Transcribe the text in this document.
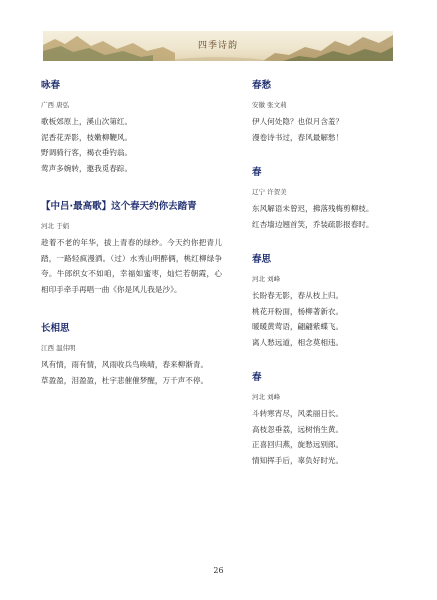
四季诗韵
咏春
广西 唐弘
歌板郊原上，溪山次第红。
泥香花弄影，枝嫩柳鞭风。
野调骑行客，褐衣垂钓翁。
莺声多婉转，邀我觅春踪。
【中吕·最高歌】这个春天约你去踏青
河北 于娟
趁着不老的年华，拔上青春的绿纱。今天约你把青儿踏，一路轻疯漫洒。（过）水秀山明醉俩，桃红柳绿争夸。牛郎织女不如咱，幸福如蜜枣，灿烂若朝霞，心相印手牵手再唱一曲《你是风儿我是沙》。
长相思
江西 温伟明
风有情，雨有情，风雨收兵鸟唤晴，春来柳渐青。
草盈盈，泪盈盈，杜宇悲催催梦醒，万千声不停。
春愁
安徽 张文莉
伊人何处隐？也似月含羞？
漫卷诗书过，春风最解愁！
春
辽宁 许贺美
东风解语未曾迟，拂落残梅剪柳枝。
红杏墙边翘首笑，乔装疏影报春时。
春思
河北 刘峰
长盼春无影，春从枝上归。
桃花开粉面，杨柳著新衣。
暖暖黄莺语，翩翩紫蝶飞。
离人愁远道，相念莫相违。
春
河北 刘峰
斗转寒宵尽，风柔丽日长。
高枝忽垂荔，远树悄生黄。
正喜回归燕，旋愁远别郎。
情知挥手后，辜负好时光。
26
